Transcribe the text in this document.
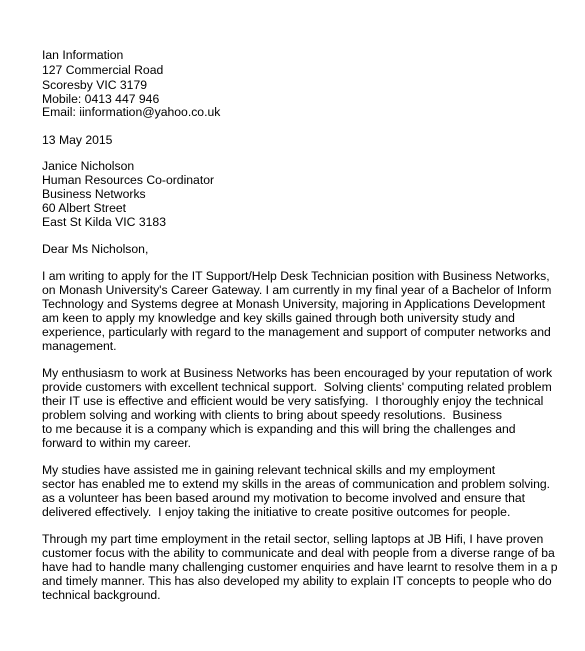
Ian Information
127 Commercial Road
Scoresby VIC 3179
Mobile: 0413 447 946
Email: iinformation@yahoo.co.uk
13 May 2015
Janice Nicholson
Human Resources Co-ordinator
Business Networks
60 Albert Street
East St Kilda VIC 3183
Dear Ms Nicholson,
I am writing to apply for the IT Support/Help Desk Technician position with Business Networks,
on Monash University's Career Gateway. I am currently in my final year of a Bachelor of Inform
Technology and Systems degree at Monash University, majoring in Applications Development
am keen to apply my knowledge and key skills gained through both university study and
experience, particularly with regard to the management and support of computer networks and
management.
My enthusiasm to work at Business Networks has been encouraged by your reputation of work
provide customers with excellent technical support.  Solving clients' computing related problem
their IT use is effective and efficient would be very satisfying.  I thoroughly enjoy the technical
problem solving and working with clients to bring about speedy resolutions.  Business
to me because it is a company which is expanding and this will bring the challenges and
forward to within my career.
My studies have assisted me in gaining relevant technical skills and my employment
sector has enabled me to extend my skills in the areas of communication and problem solving.
as a volunteer has been based around my motivation to become involved and ensure that
delivered effectively.  I enjoy taking the initiative to create positive outcomes for people.
Through my part time employment in the retail sector, selling laptops at JB Hifi, I have proven
customer focus with the ability to communicate and deal with people from a diverse range of ba
have had to handle many challenging customer enquiries and have learnt to resolve them in a p
and timely manner. This has also developed my ability to explain IT concepts to people who do
technical background.
